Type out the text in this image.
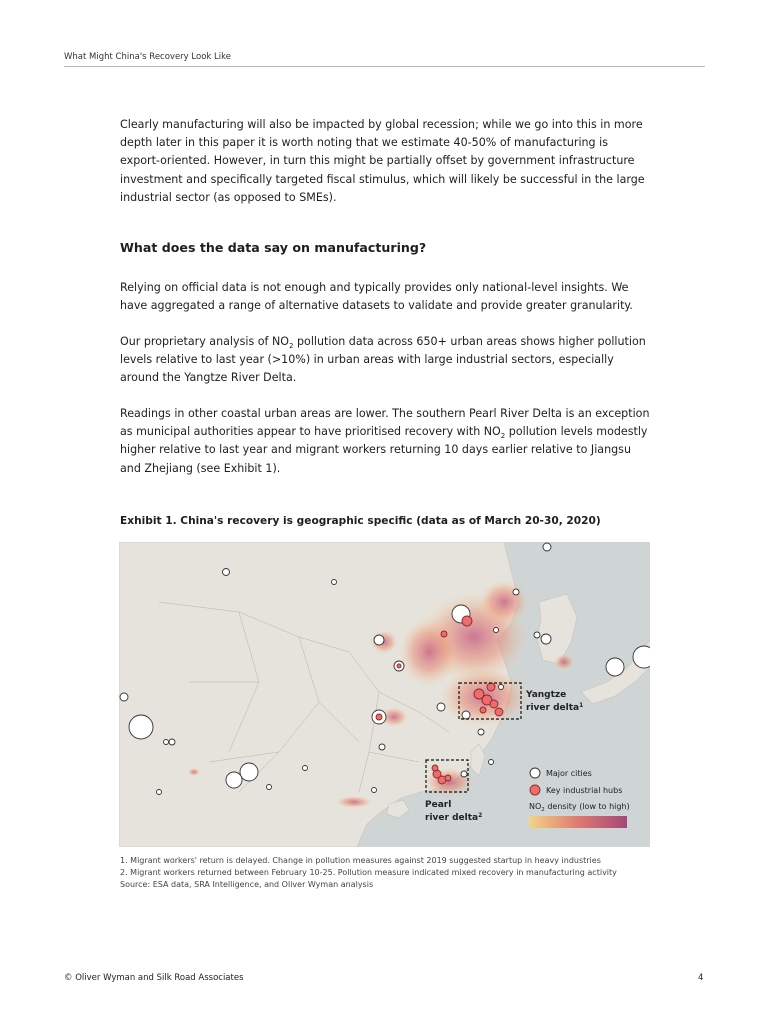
What Might China's Recovery Look Like

Clearly manufacturing will also be impacted by global recession; while we go into this in more depth later in this paper it is worth noting that we estimate 40-50% of manufacturing is export-oriented. However, in turn this might be partially offset by government infrastructure investment and specifically targeted fiscal stimulus, which will likely be successful in the large industrial sector (as opposed to SMEs).

What does the data say on manufacturing?

Relying on official data is not enough and typically provides only national-level insights. We have aggregated a range of alternative datasets to validate and provide greater granularity.

Our proprietary analysis of $NO_2$ pollution data across 650+ urban areas shows higher pollution levels relative to last year (>10%) in urban areas with large industrial sectors, especially around the Yangtze River Delta.

Readings in other coastal urban areas are lower. The southern Pearl River Delta is an exception as municipal authorities appear to have prioritised recovery with $NO_2$ pollution levels modestly higher relative to last year and migrant workers returning 10 days earlier relative to Jiangsu and Zhejiang (see Exhibit 1).

Exhibit 1. China's recovery is geographic specific (data as of March 20-30, 2020)

Yangtze
river delta$^1$
Pearl
river delta$^2$
Major cities
Key industrial hubs
$NO_2$ density (low to high)
1. Migrant workers' return is delayed. Change in pollution measures against 2019 suggested startup in heavy industries
2. Migrant workers returned between February 10-25. Pollution measure indicated mixed recovery in manufacturing activity
Source: ESA data, SRA Intelligence, and Oliver Wyman analysis
© Oliver Wyman and Silk Road Associates	4
